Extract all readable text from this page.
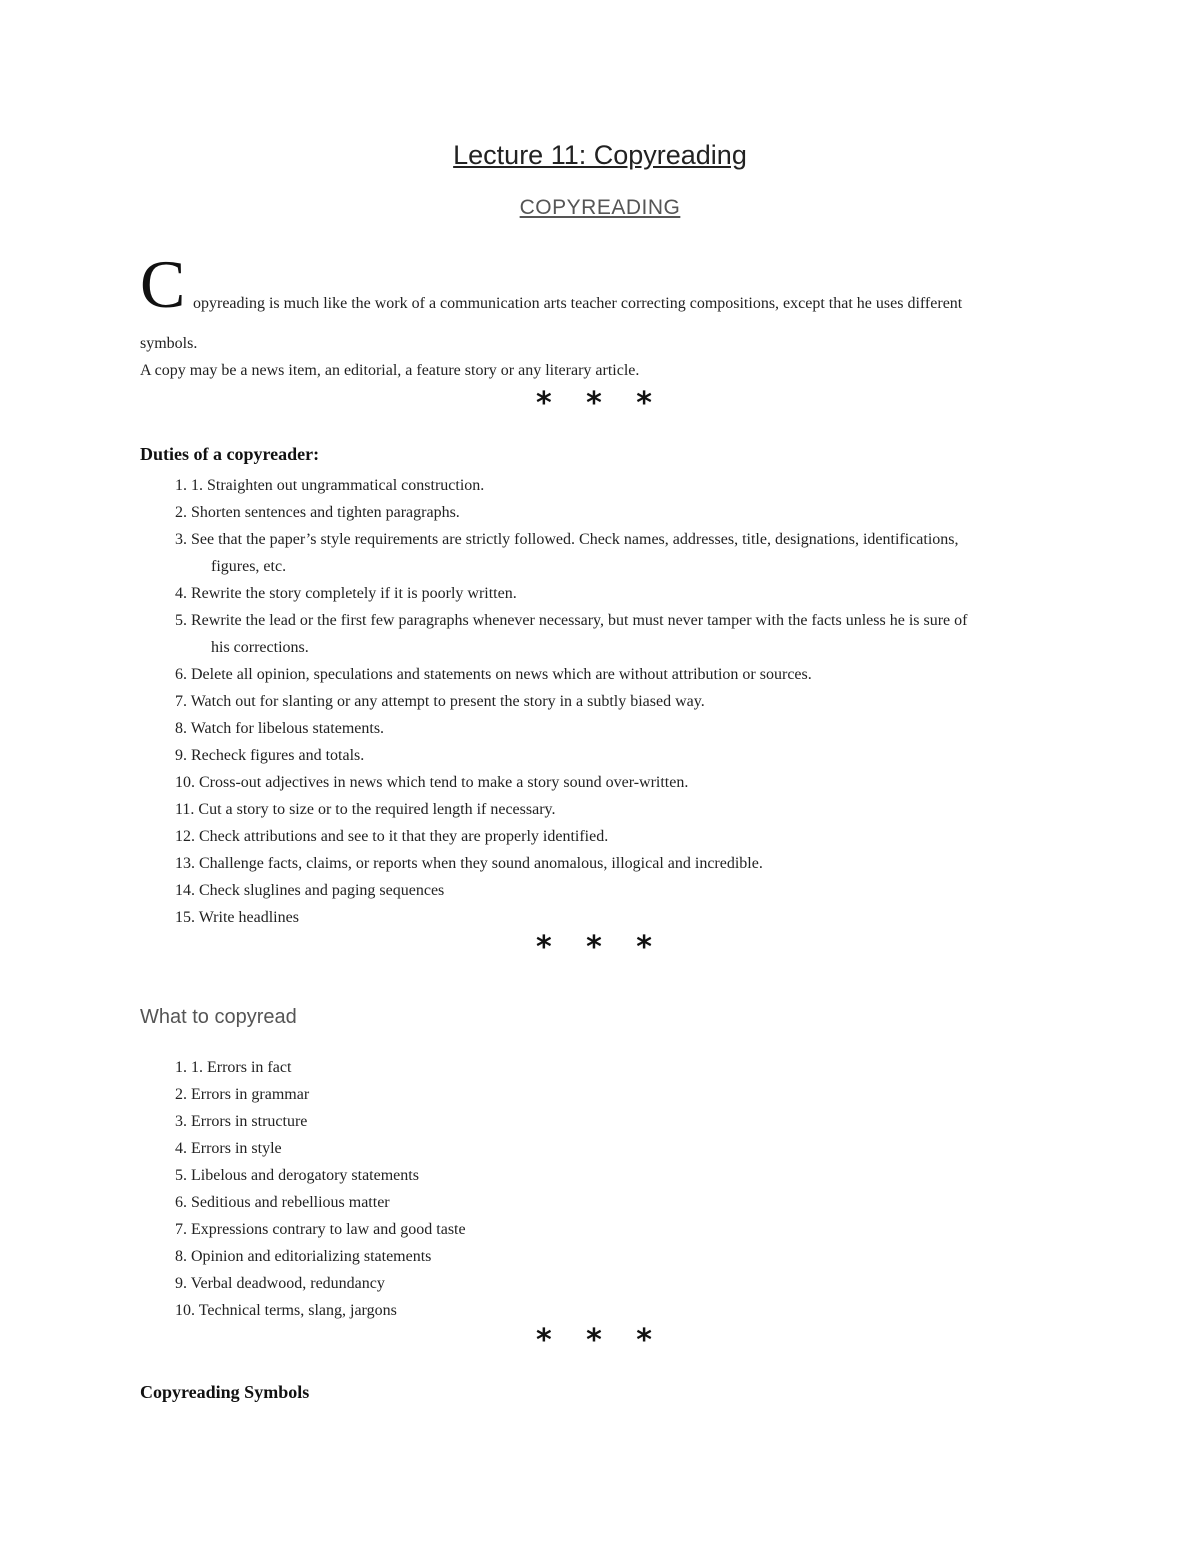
Lecture 11: Copyreading
COPYREADING
C opyreading is much like the work of a communication arts teacher correcting compositions, except that he uses different
symbols.
A copy may be a news item, an editorial, a feature story or any literary article.
* * *
Duties of a copyreader:
1. 1. Straighten out ungrammatical construction.
2. Shorten sentences and tighten paragraphs.
3. See that the paper’s style requirements are strictly followed. Check names, addresses, title, designations, identifications,
figures, etc.
4. Rewrite the story completely if it is poorly written.
5. Rewrite the lead or the first few paragraphs whenever necessary, but must never tamper with the facts unless he is sure of
his corrections.
6. Delete all opinion, speculations and statements on news which are without attribution or sources.
7. Watch out for slanting or any attempt to present the story in a subtly biased way.
8. Watch for libelous statements.
9. Recheck figures and totals.
10. Cross-out adjectives in news which tend to make a story sound over-written.
11. Cut a story to size or to the required length if necessary.
12. Check attributions and see to it that they are properly identified.
13. Challenge facts, claims, or reports when they sound anomalous, illogical and incredible.
14. Check sluglines and paging sequences
15. Write headlines
* * *
What to copyread
1. 1. Errors in fact
2. Errors in grammar
3. Errors in structure
4. Errors in style
5. Libelous and derogatory statements
6. Seditious and rebellious matter
7. Expressions contrary to law and good taste
8. Opinion and editorializing statements
9. Verbal deadwood, redundancy
10. Technical terms, slang, jargons
* * *
Copyreading Symbols
